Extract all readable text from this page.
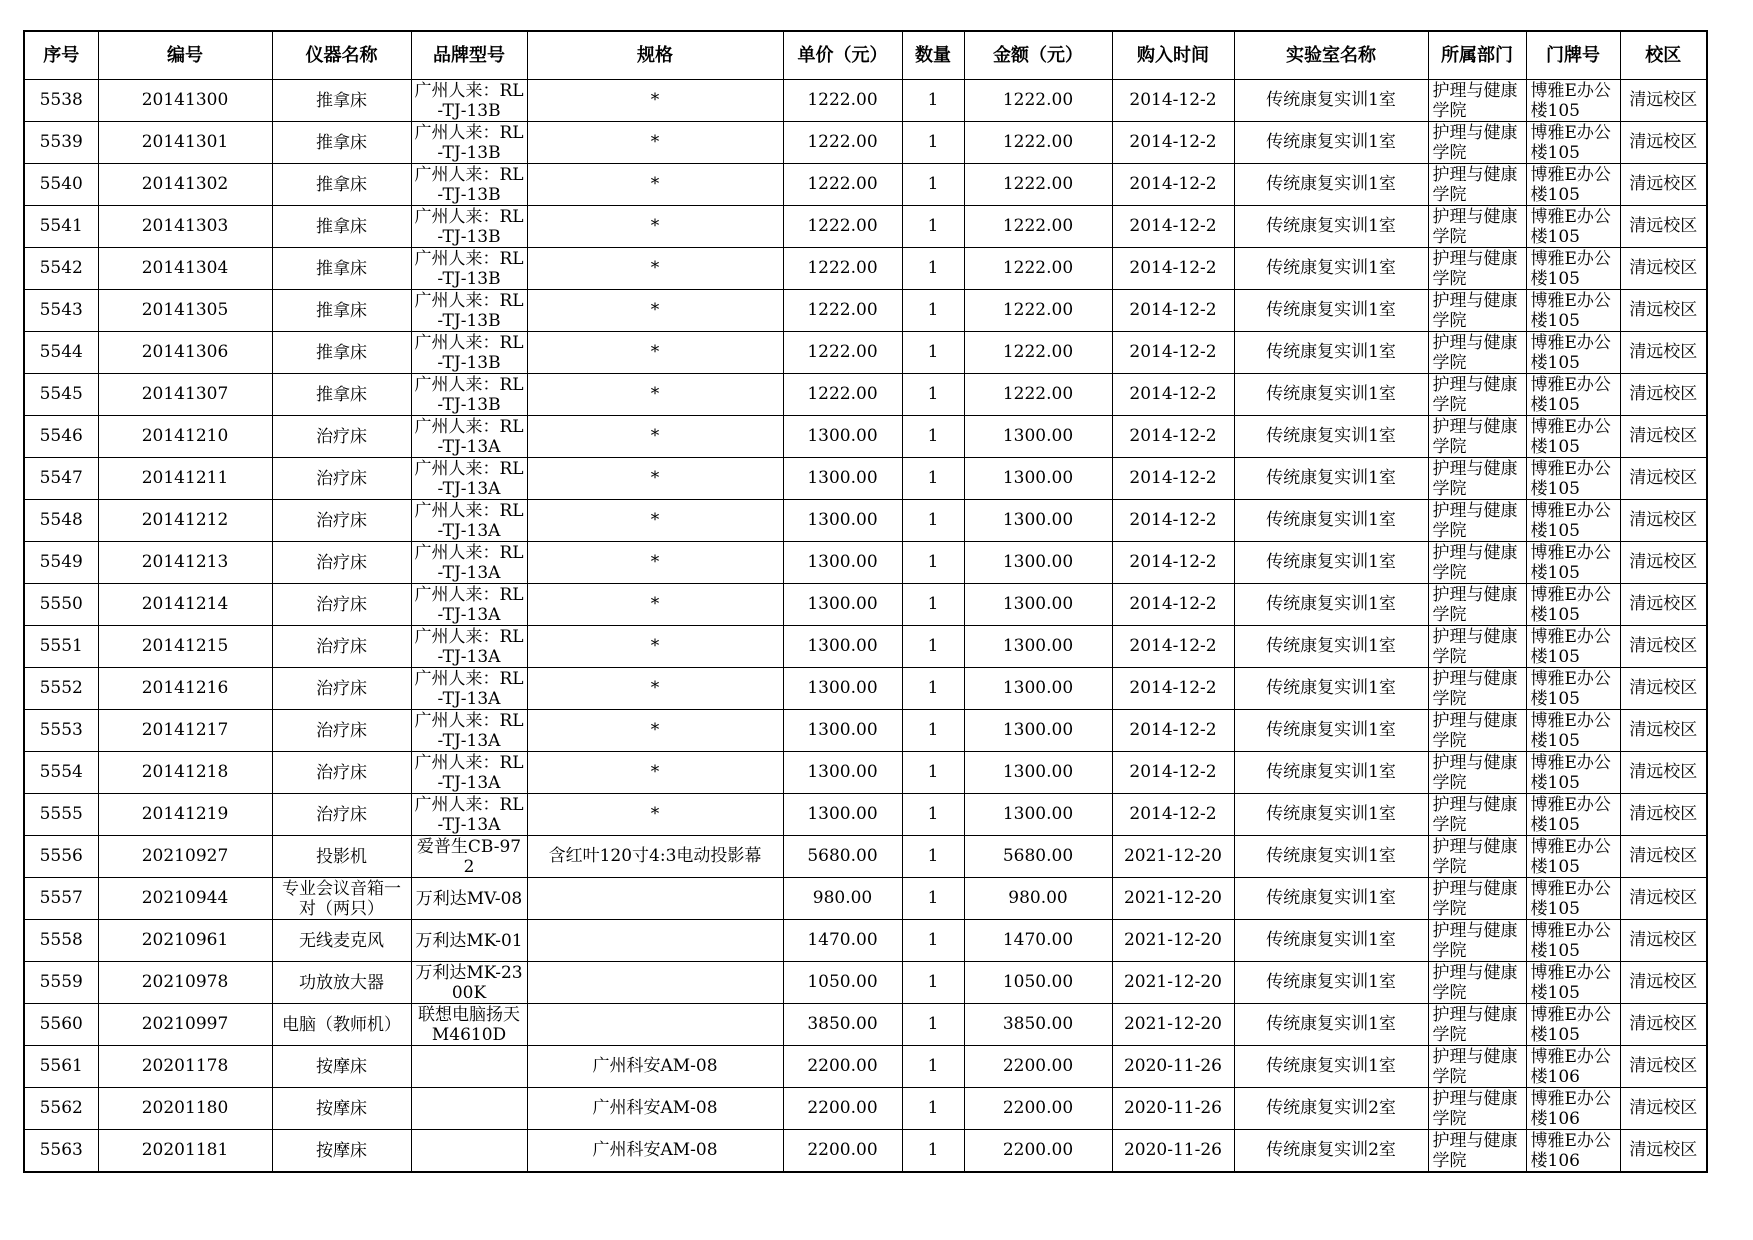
序号	编号	仪器名称	品牌型号	规格	单价（元）	数量	金额（元）	购入时间	实验室名称	所属部门	门牌号	校区
5538	20141300	推拿床	广州人来：RL-TJ-13B	*	1222.00	1	1222.00	2014-12-2	传统康复实训1室	护理与健康学院	博雅E办公楼105	清远校区
5539	20141301	推拿床	广州人来：RL-TJ-13B	*	1222.00	1	1222.00	2014-12-2	传统康复实训1室	护理与健康学院	博雅E办公楼105	清远校区
5540	20141302	推拿床	广州人来：RL-TJ-13B	*	1222.00	1	1222.00	2014-12-2	传统康复实训1室	护理与健康学院	博雅E办公楼105	清远校区
5541	20141303	推拿床	广州人来：RL-TJ-13B	*	1222.00	1	1222.00	2014-12-2	传统康复实训1室	护理与健康学院	博雅E办公楼105	清远校区
5542	20141304	推拿床	广州人来：RL-TJ-13B	*	1222.00	1	1222.00	2014-12-2	传统康复实训1室	护理与健康学院	博雅E办公楼105	清远校区
5543	20141305	推拿床	广州人来：RL-TJ-13B	*	1222.00	1	1222.00	2014-12-2	传统康复实训1室	护理与健康学院	博雅E办公楼105	清远校区
5544	20141306	推拿床	广州人来：RL-TJ-13B	*	1222.00	1	1222.00	2014-12-2	传统康复实训1室	护理与健康学院	博雅E办公楼105	清远校区
5545	20141307	推拿床	广州人来：RL-TJ-13B	*	1222.00	1	1222.00	2014-12-2	传统康复实训1室	护理与健康学院	博雅E办公楼105	清远校区
5546	20141210	治疗床	广州人来：RL-TJ-13A	*	1300.00	1	1300.00	2014-12-2	传统康复实训1室	护理与健康学院	博雅E办公楼105	清远校区
5547	20141211	治疗床	广州人来：RL-TJ-13A	*	1300.00	1	1300.00	2014-12-2	传统康复实训1室	护理与健康学院	博雅E办公楼105	清远校区
5548	20141212	治疗床	广州人来：RL-TJ-13A	*	1300.00	1	1300.00	2014-12-2	传统康复实训1室	护理与健康学院	博雅E办公楼105	清远校区
5549	20141213	治疗床	广州人来：RL-TJ-13A	*	1300.00	1	1300.00	2014-12-2	传统康复实训1室	护理与健康学院	博雅E办公楼105	清远校区
5550	20141214	治疗床	广州人来：RL-TJ-13A	*	1300.00	1	1300.00	2014-12-2	传统康复实训1室	护理与健康学院	博雅E办公楼105	清远校区
5551	20141215	治疗床	广州人来：RL-TJ-13A	*	1300.00	1	1300.00	2014-12-2	传统康复实训1室	护理与健康学院	博雅E办公楼105	清远校区
5552	20141216	治疗床	广州人来：RL-TJ-13A	*	1300.00	1	1300.00	2014-12-2	传统康复实训1室	护理与健康学院	博雅E办公楼105	清远校区
5553	20141217	治疗床	广州人来：RL-TJ-13A	*	1300.00	1	1300.00	2014-12-2	传统康复实训1室	护理与健康学院	博雅E办公楼105	清远校区
5554	20141218	治疗床	广州人来：RL-TJ-13A	*	1300.00	1	1300.00	2014-12-2	传统康复实训1室	护理与健康学院	博雅E办公楼105	清远校区
5555	20141219	治疗床	广州人来：RL-TJ-13A	*	1300.00	1	1300.00	2014-12-2	传统康复实训1室	护理与健康学院	博雅E办公楼105	清远校区
5556	20210927	投影机	爱普生CB-972	含红叶120寸4:3电动投影幕	5680.00	1	5680.00	2021-12-20	传统康复实训1室	护理与健康学院	博雅E办公楼105	清远校区
5557	20210944	专业会议音箱一对（两只）	万利达MV-08		980.00	1	980.00	2021-12-20	传统康复实训1室	护理与健康学院	博雅E办公楼105	清远校区
5558	20210961	无线麦克风	万利达MK-01		1470.00	1	1470.00	2021-12-20	传统康复实训1室	护理与健康学院	博雅E办公楼105	清远校区
5559	20210978	功放放大器	万利达MK-2300K		1050.00	1	1050.00	2021-12-20	传统康复实训1室	护理与健康学院	博雅E办公楼105	清远校区
5560	20210997	电脑（教师机）	联想电脑扬天M4610D		3850.00	1	3850.00	2021-12-20	传统康复实训1室	护理与健康学院	博雅E办公楼105	清远校区
5561	20201178	按摩床		广州科安AM-08	2200.00	1	2200.00	2020-11-26	传统康复实训1室	护理与健康学院	博雅E办公楼106	清远校区
5562	20201180	按摩床		广州科安AM-08	2200.00	1	2200.00	2020-11-26	传统康复实训2室	护理与健康学院	博雅E办公楼106	清远校区
5563	20201181	按摩床		广州科安AM-08	2200.00	1	2200.00	2020-11-26	传统康复实训2室	护理与健康学院	博雅E办公楼106	清远校区
